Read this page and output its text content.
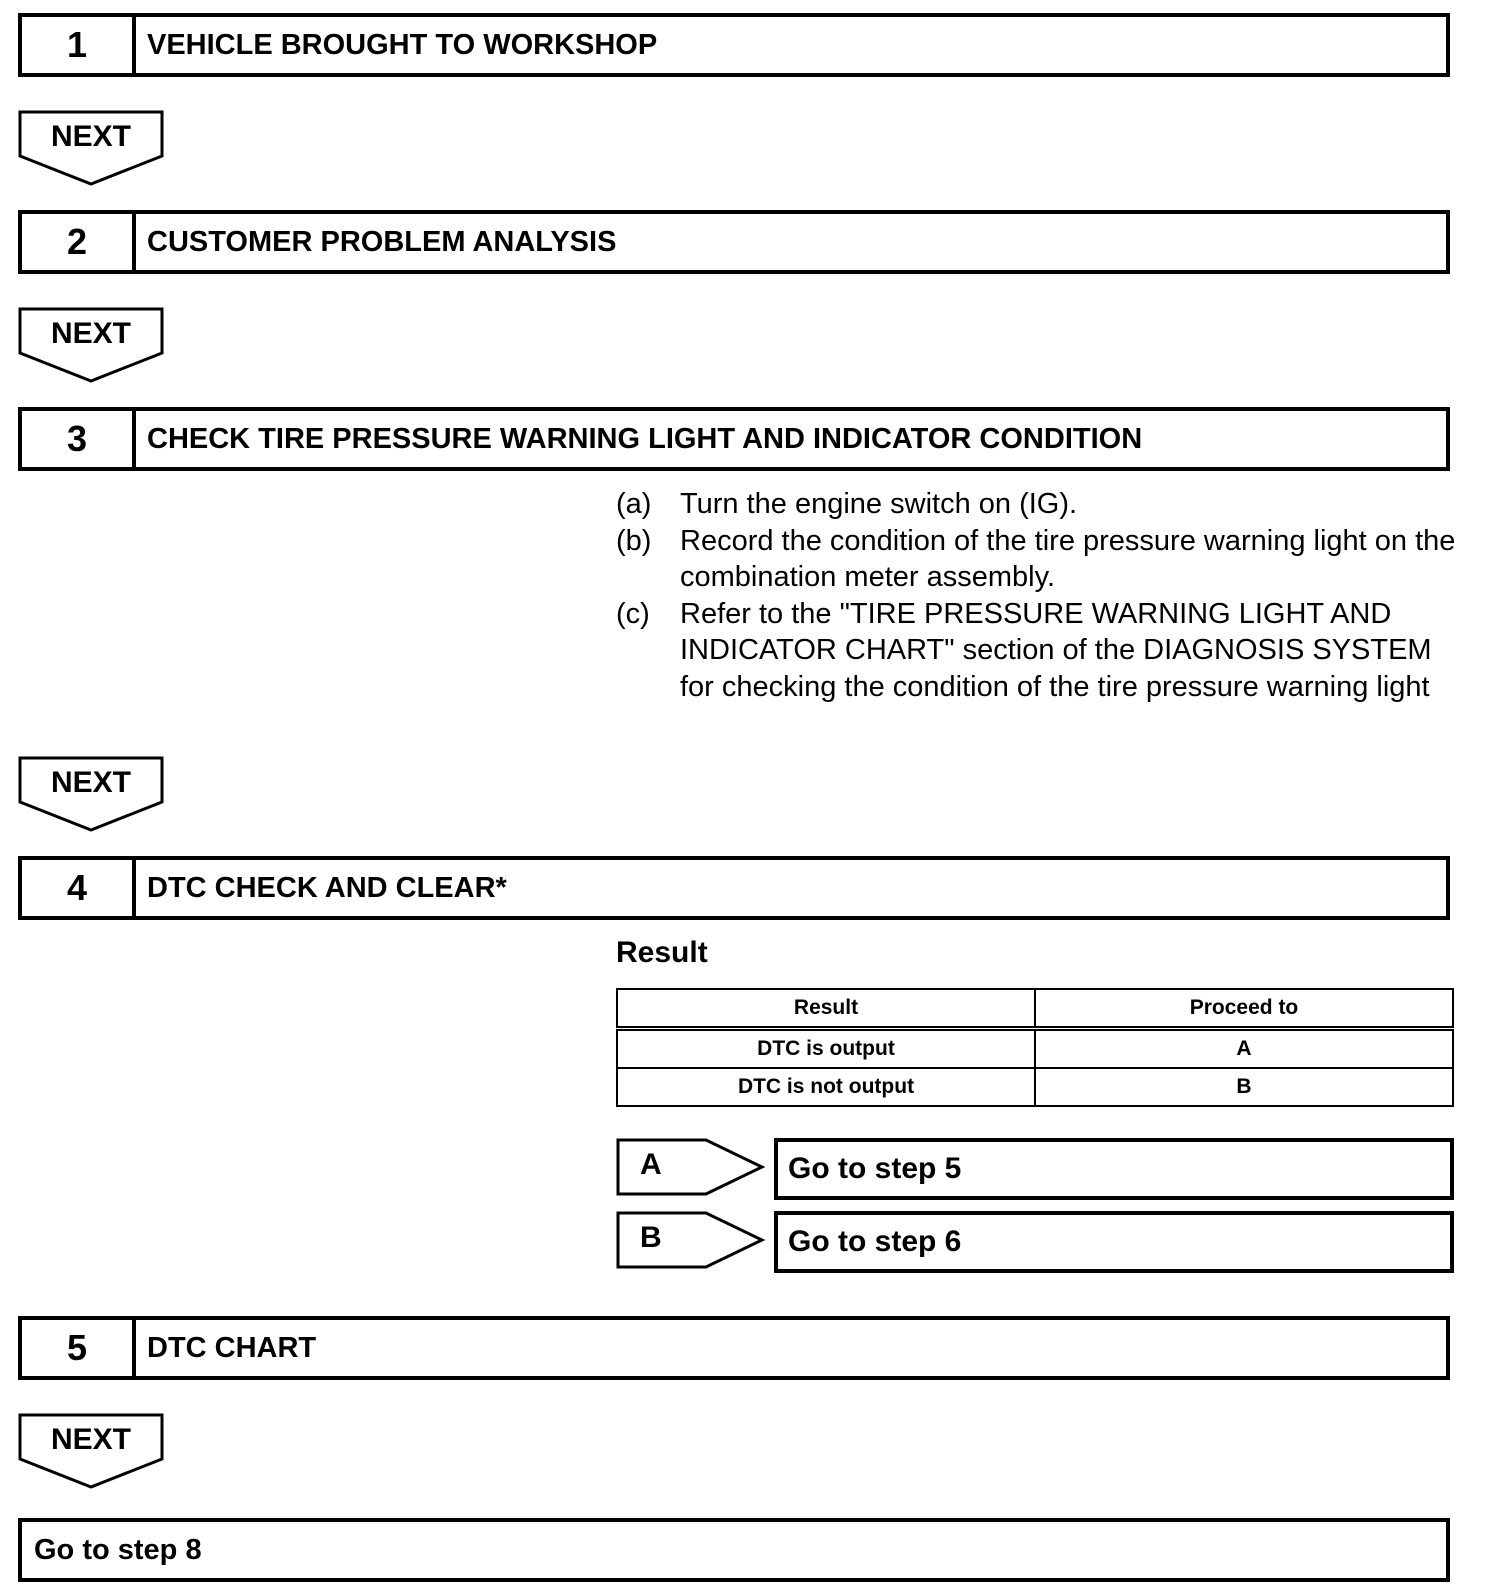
1	VEHICLE BROUGHT TO WORKSHOP
NEXT
2	CUSTOMER PROBLEM ANALYSIS
NEXT
3	CHECK TIRE PRESSURE WARNING LIGHT AND INDICATOR CONDITION
(a) Turn the engine switch on (IG).
(b) Record the condition of the tire pressure warning light on the combination meter assembly.
(c)	Refer to the "TIRE PRESSURE WARNING LIGHT AND INDICATOR CHART" section of the DIAGNOSIS SYSTEM for checking the condition of the tire pressure warning light
NEXT
4	DTC CHECK AND CLEAR*
Result
Result	Proceed to
DTC is output	A
DTC is not output	B
A	Go to step 5
B	Go to step 6
5	DTC CHART
NEXT
Go to step 8
